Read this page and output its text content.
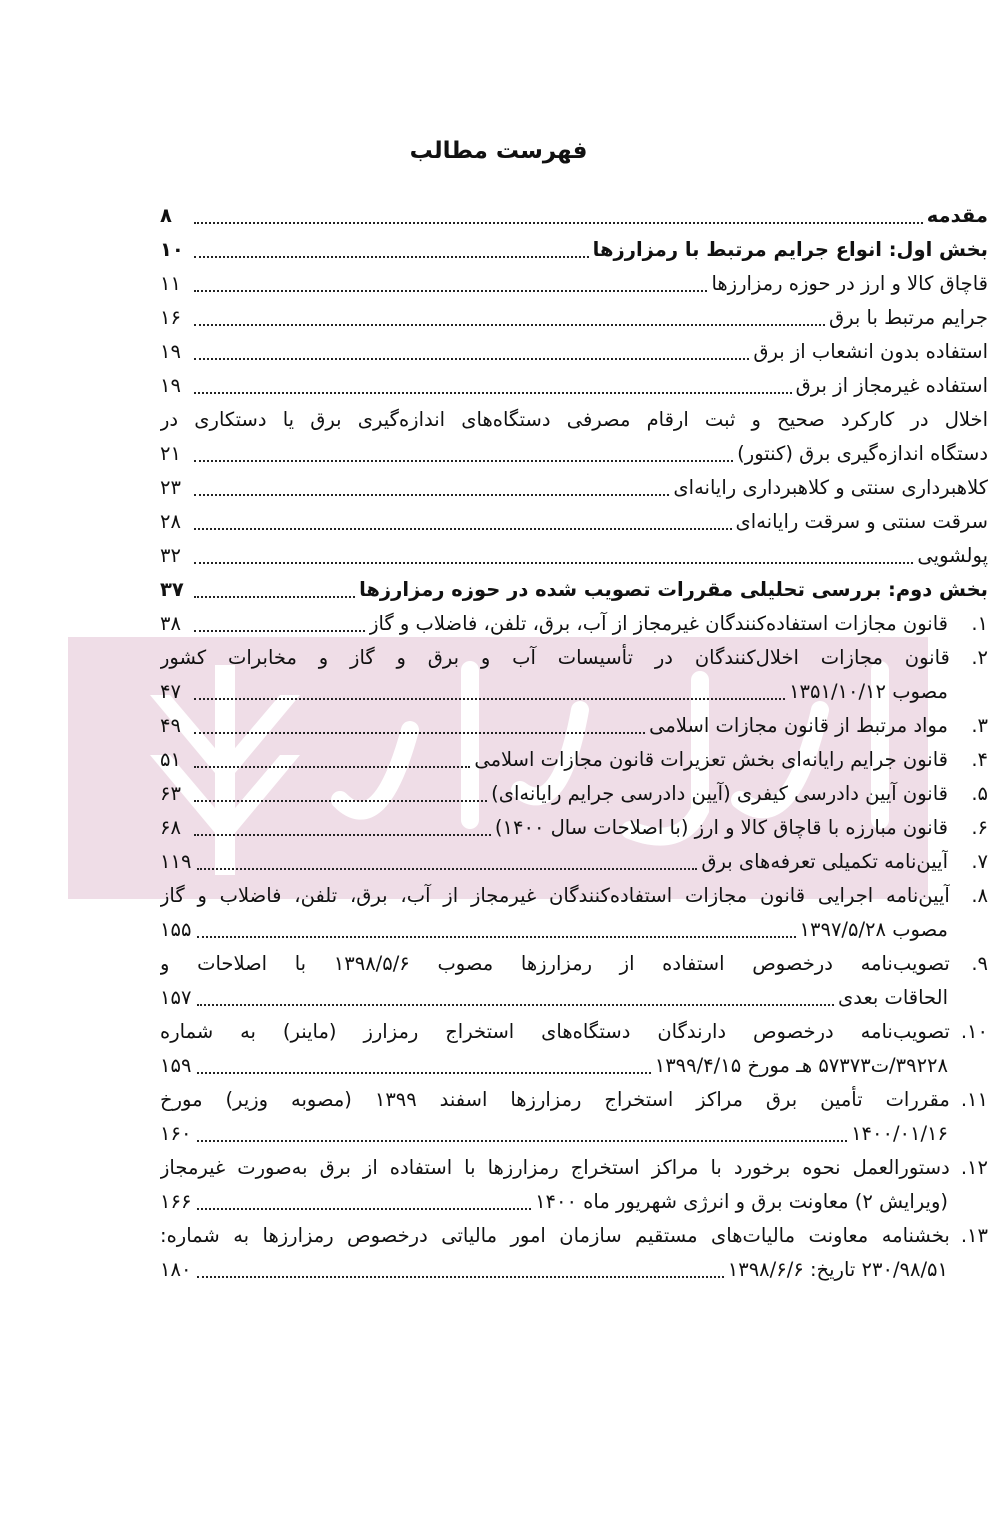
فهرست مطالب
مقدمه
۸
بخش اول: انواع جرایم مرتبط با رمزارزها
۱۰
قاچاق کالا و ارز در حوزه رمزارزها
۱۱
جرایم مرتبط با برق
۱۶
استفاده بدون انشعاب از برق
۱۹
استفاده غیرمجاز از برق
۱۹
اخلال در کارکرد صحیح و ثبت ارقام مصرفی دستگاه‌های اندازه‌گیری برق یا دستکاری در
دستگاه اندازه‌گیری برق (کنتور)
۲۱
کلاهبرداری سنتی و کلاهبرداری رایانه‌ای
۲۳
سرقت سنتی و سرقت رایانه‌ای
۲۸
پولشویی
۳۲
بخش دوم: بررسی تحلیلی مقررات تصویب شده در حوزه رمزارزها
۳۷
۱.
قانون مجازات استفاده‌کنندگان غیرمجاز از آب، برق، تلفن، فاضلاب و گاز
۳۸
۲.
قانون مجازات اخلال‌کنندگان در تأسیسات آب و برق و گاز و مخابرات کشور
مصوب ۱۳۵۱/۱۰/۱۲
۴۷
۳.
مواد مرتبط از قانون مجازات اسلامی
۴۹
۴.
قانون جرایم رایانه‌ای بخش تعزیرات قانون مجازات اسلامی
۵۱
۵.
قانون آیین دادرسی کیفری (آیین دادرسی جرایم رایانه‌ای)
۶۳
۶.
قانون مبارزه با قاچاق کالا و ارز (با اصلاحات سال ۱۴۰۰)
۶۸
۷.
آیین‌نامه تکمیلی تعرفه‌های برق
۱۱۹
۸.
آیین‌نامه اجرایی قانون مجازات استفاده‌کنندگان غیرمجاز از آب، برق، تلفن، فاضلاب و گاز
مصوب ۱۳۹۷/۵/۲۸
۱۵۵
۹.
تصویب‌نامه درخصوص استفاده از رمزارزها مصوب ۱۳۹۸/۵/۶ با اصلاحات و
الحاقات بعدی
۱۵۷
۱۰.
تصویب‌نامه درخصوص دارندگان دستگاه‌های استخراج رمزارز (ماینر) به شماره
۳۹۲۲۸/ت۵۷۳۷۳ هـ مورخ ۱۳۹۹/۴/۱۵
۱۵۹
۱۱.
مقررات تأمین برق مراکز استخراج رمزارزها اسفند ۱۳۹۹ (مصوبه وزیر) مورخ
۱۴۰۰/۰۱/۱۶
۱۶۰
۱۲.
دستورالعمل نحوه برخورد با مراکز استخراج رمزارزها با استفاده از برق به‌صورت غیرمجاز
(ویرایش ۲) معاونت برق و انرژی شهریور ماه ۱۴۰۰
۱۶۶
۱۳.
بخشنامه معاونت مالیات‌های مستقیم سازمان امور مالیاتی درخصوص رمزارزها به شماره:
۲۳۰/۹۸/۵۱ تاریخ: ۱۳۹۸/۶/۶
۱۸۰
